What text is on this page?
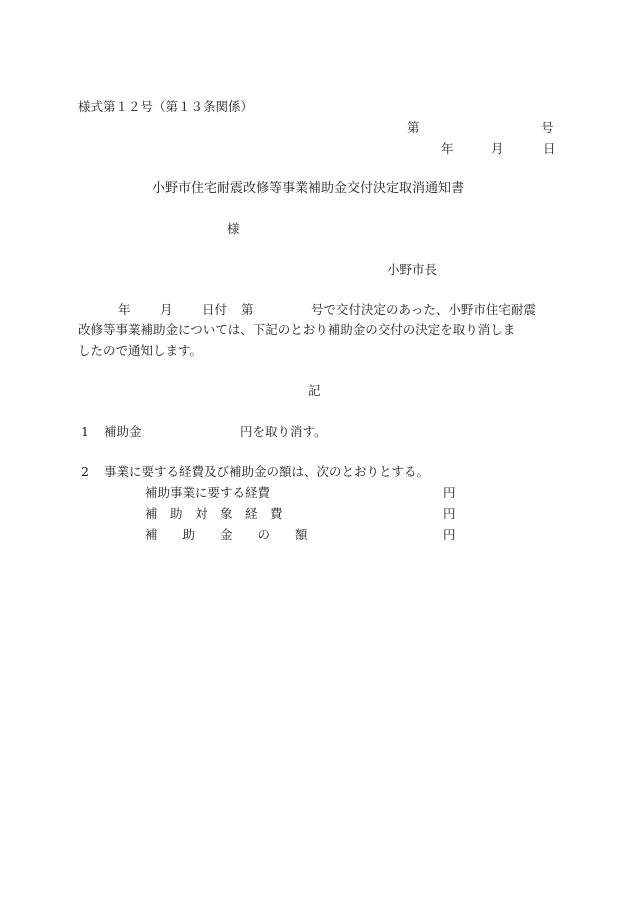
様式第１２号（第１３条関係）
第	号
年	月	日
小野市住宅耐震改修等事業補助金交付決定取消通知書
様
小野市長
年 月 日付 第	号で交付決定のあった、小野市住宅耐震
改修等事業補助金については、下記のとおり補助金の交付の決定を取り消しま
したので通知します。
記
1 補助金	円を取り消す。
2 事業に要する経費及び補助金の額は、次のとおりとする。
補助事業に要する経費	円
補　助　対　象　経　費	円
補　　助　　金　　の　　額	円
